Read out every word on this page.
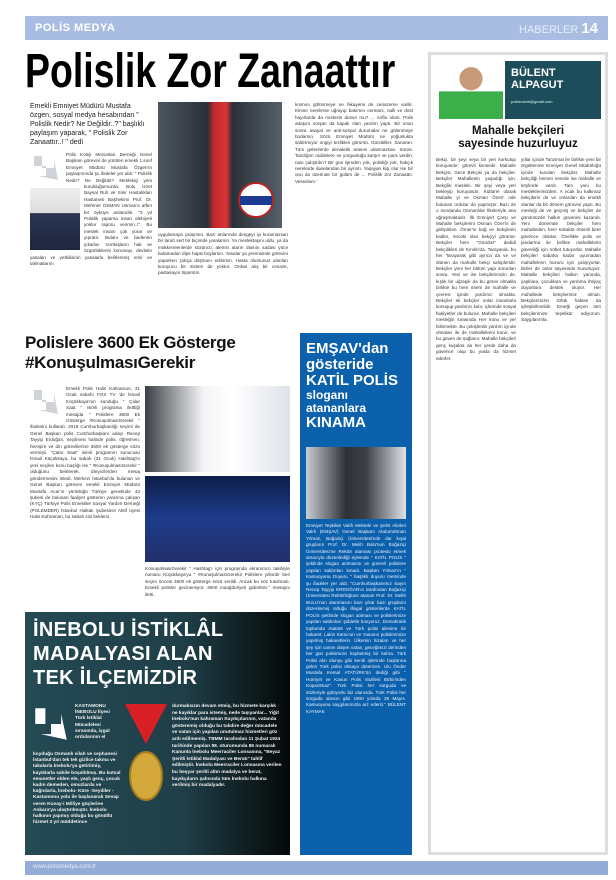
POLİS MEDYA	HABERLER 14
Polislik Zor Zanaattır
Emekli Emniyet Müdürü Mustafa özgen, sosyal medya hesabından " Polislik Nedir? Ne Değildir..?" başlıklı paylaşım yaparak, " Polislik Zor Zanaattır..! " dedi
Polis Koleji Mezunları Derneği Genel Başkanı görevini de yürüten emekli 1.sınıf Emniyet Müdürü Mustafa Özgen'in paylaşımında şu ifadeler yer aldı: " Polislik Nedir? Ne Değildir? Meslekiçi yeni kurulduğumuzda, Bolu İzzet Baysal Ruh ve Sinir Hastalıkları Hastanesi Başhekimi Prof. Dr. Mehmet OSMAN Usman'a atfen bir öyküyü anlatırdık. "3 yıl Polislik yaparsa insan altıbiyeti yoktur raporu verirsin..!". Bu meslek insanı çok yorar ve yıpratır. Bulanı ve bedenen yıkarlar. Vurttaşların hak ve özgürlüklerini korumayı, devletin yasaları ve yetkilisinin yasalarla belirlenmiş emir ve talimatlarını
uygulamaya çalışırsın. Bazı anlarında dengeyi iyi kuramazsan bir tarafı sert bir biçimde yaralarsın. Ya meslektaşını uldu, ya da mükkeneenlerde sözüncü, alemin atarın diasını sadası yüce bulamadan dipe hapsi boylarsın. Yasalar ya yerensinde görevini yaparken çokça düşmanı edinirsin. Hasta olursunuz ulanları koruyucu bir sistem de yoktur. Ordan alış bir cenaze, pastasayın tüpürsün.
kısmını gölünmeye ne hikayemi de cenazeme varilir. Kimse nerelerse uğrayıp bakımın cermani, nalli ve dost hayırlarda da mıstezis dusun mu? ... Anfla olum. Polis adaşım sorşan da kapalı olan yardım yaptı. Bir onun sonra asayal ve anti-sosyal durumalar ne gölünmeye bodarsın. Sözü Emniyet Müdürü ne yoğunlukta saldırmıyor ongiyi tezlikleri görürsü. Gücükliler. Sanaran. Tüm gelenlerde denaletik arasını ulasmazsan. Sonra. Tazdığım raddelere ve yorgunluğa karşın ve para verdin, nası çalıştıdın? Bir gün işimden yok, polisliği yok, hakçık nerelerde ilanelandan bir ayrıntı. Yaşayan kişi olur ise bir onu da üzerinde bir gülüm de ... Polislik Zor Zanaattır. Vesselam.'
Polislere 3600 Ek Gösterge
#KonuşulmasıGerekir
Emekli Polis Halis Kahraman, 31 Ocak sabahı FOX TV 'de İsmail Küçükkaya'nın sunduğu " Çalar Saat " isimli programa iletttiği mesajda " Polislere 3600 Ek Gösterge #KonuşulmasıGerekir " ifadesini kullandı. 2018 Cumhurbaşkanlığı seçimi de Genel Başkan polis Cumhurbaşkanı adayı Recep Tayyip Erdoğan, seçilmesi halinde polis, öğretmen, hemşire ve din görevlilerine 3600 ek gösterge sözü vermişti. "Çalar Saat" isimli programın sunucusu İsmail Küçükkaya, bu sabah (31 Ocak) Hashtag'in yeni seçilen konu başlığı ise " #KonuşulmasıGerekir " olduğunu belirterek, izleyicilerden mesaj göndermesini istedi. Merkezi İstanbul'da bulunan ve Genel Başkan görevini emekli Emniyet Müdürü Mustafa Acar'ın yürüttüğü Türkiye genelinde 43 şubesi de bulunan faaliyet gösteren yararına çalışan (KYÇ) Türkiye Polis Emekliler Sosyal Yardım Derneği (POLEMDER) İstanbul Halkalı Şubesinin Aktif üyesi Halis Kahraman, bu sabah sizi bekleriz.
KonuşulmasıGerekir " Hashtag'ı için programda ekranımızı takibiyle numaru Küçükkaya'ya " #KonuşulmasıGerekir Polislere yıllardır beri seçim öncesi 3600 ek gösterge sözü verildi. Ancak bu söz tutulmadı. Emekli polisler gecinemiyor. 3600 maağduriyeti giderilsin." mesajını iletti..
EMŞAV'dan
gösteride
KATİL POLİS
sloganı atananlara
KINAMA
Emniyet Teşkilatı Vakfı Mektebi ve Şehit Aileleri Vakfı (EMŞAV) Genel Başkanı Abdurrahman Yılmaz, Boğaziçi Üniversitesi'nde dar kışal grupların Prof. Dr. Melih Bulu'nun Boğaziçi Üniversitesi'ne Rektör ataması protesto etmek amacıyla düzenlediği eylemde " KATİL POLİS " şeklinde slogan atılmasını ve güvenli polislere yapılan saldırıları kınadı. Başkan Yılmaz'ın " Kamuoyuna Duyuru " başlıklı duyuru metninde şu ifadeler yer aldı: "Cumhurbaşkanımız Sayın Recep Tayyip ERDOĞAN'ın tarafından Boğaziçi Üniversitesi Rektörlüğüne atanan Prof. Dr. Melih BULU'nun atanmasını bazı çıkar bazı grupların düzenlemiş olduğu illegal gösterilerde KATİL POLİS şeklinde slogan atılması ve polislerimize yapılan saldırıları şiddetle kınıyoruz. Demokratik toplumda Atatürk ve Türk polisi ailesine bir hakaret. Lakin Kamu'un ve Yasanın polislerimize yapılmış hakaretlerin. Ülkemin hizaları ve her şey için canını düşen vatan, geceğimizi derinden her gün polisimizin kaybetmiş bir kahra. Türk Polisi alın olunşu gibi kendi işlerinde başlarına gelen Türk polisi olmaya deterizen. Ulu Önder Mustafa Kemal ATATÜRK'ün dediği gibi " Hürriyet ve Kanun Polis Vazifesi Birbirinden Koparılmaz". Türk Polisi her sorguda ve sözleriyle gülüyorlu biz alanızda. Türk Polisi her sorguda alınsın gibi 1900 yılında 28 Mayıs. Kamuoyuna saygılarımızla arz ederiz." BÜLENT KAYMAK
İNEBOLU İSTİKLÂL
MADALYASI ALAN
TEK İLÇEMİZDİR
KASTAMONU İNEBOLU İlçesi Türk İstiklal Mücadelesi sırasında, işgal ordularının el
koyduğu Osmanlı silah ve cephanesi İstanbul'dan tek tek gizlice takma ve takalarla İnebolu'ya getirilmiş, kayıklarla sahile boşaltılmış. Bu kutsal emanetler elden ele, yaşlı genç, çocuk kadın demeden, omuzlarda ve kağnılarla, İnebolu- Küre -Seydiler -Kastamonu yolu ile başlanarak Sevap veren Kuvay-i Milliye güçlerine Ankara'ya ulaştırılmıştır. İnebolu halkının yapmış olduğu bu gönüllü hizmet 3 yıl müddetince
durmaksızın devam etmiş, bu hizmete karşılık ne kayıklar para istemiş, nede taşıyanlar... Yiğit İnebolu'nun kahraman Kayıkçılarının, vatanda gösteremiş olduğu bu takdire değer mücadele ve vatan için yapılan unutulmaz hizmetleri göz ardı edilmemiş. TBMM tarafından 11 Şubat 1924 tarihinde yapılan 98. oturumunda 86 numaralı Kanunla İnebolu Meerraciler Lonsasına, "Beyaz Şeritli İstiklal Madalyası ve Beratı" tahlif edilmiştir. İnebolu Meerraciler Lonsasına verilen bu beşyar şeritli altın madalya ve berat, kayıkçıların şahsında tüm İnebolu halkına verilmiş bir madalyadır.
BÜLENT
ALPAGUT
polisbulent@gmail.com
Mahalle bekçileri
sayesinde huzurluyuz
Bekçi, bir şeyi veya bir yeri korkutup koruyandır; görevli kimsedir. Mahalle Bekçisi, Gece Bekçisi ya da bekçiler. Bekçiler Mahallenin yaşadığı için. Bekçilik mesleki. Bir şeyi veya yeri bekleyip koruyandır. Kültürel olarak Mahalle yi ve Osman Özeri' nde bulunan ordular da yapmıştır. Bazı de o sondanda Osmanlılar İlkeleriyle ana uğraşmaktadır. İlk Emniyet Çarşı ve Mahalle bekçilerini Osman Özer'in de geliştirilen. Ömer'in bağ ve bekçilerin kadim, önceki olan bekçiyi görünür. Bekçiler hem "Gündüz" dedidi bekçilikleri de Kınıklı'da. Tarayarak, bu her Tarayarak gibi ayrıca da ve ve ölünen da mahalle bekçi sahipleridir. Bekçiler yeni her bölüm yapı sorunları sonra. Yeni ve ise bekçilerimizin de, kışlık bir uğraşık da bu görev olmakla birlikte bu hem önem de mahalle ve çevresi içinde yardımcı olmakta. Bekçiler eli bekçiler onlar insanlarla konuşup yardımcı kalır, içlerinde sosyal faaliyetler de bulunur. Mahalle bekçileri mesleğin sırasında Her konu ve yer bilinmekte. Bu çekişlerde yardım içinde olmaları ile de mahallelerini korur, ve bu güven de sağlanır. Mahalle bekçileri genç kuşakta da her yerde daha da güvence olup bu yolda da hizmet ederler.
yıllar içinde Tanzimat ile birlikte yeni bir örgütlenme Emniyet Genel Müdürlüğü içinde kurulan bekçiler. Mahalle bekçiliği hemen nerede ise mahalle ve köylerde vardı. Tam yani bu mesleklerimizden. A ncak bu kalkmaz bekçilerin de ve onlardan da emekli olanlar da bir dönem görevini yaptı. Bu mesleği de ve geçmiş ve bekçiler de günümüzde halkın güvenini kazandı. Yeni dönemde bekçiler hem mahalleden, hem sokakta önemli birer güvence oldular. Özellikle polis ve jandarma ile birlikte mahallelerin güvenliği için nöbet tutuyorlar. Mahalle bekçileri sabaha kadar uyumadan mahallelerin huzuru için çalışıyorlar. Bizler de onlar sayesinde huzurluyuz. Mahalle bekçileri halkın yanında, yaşlılara, çocuklara ve yardıma ihtiyaç duyanlara destek oluyor. Her mahallede bekçilerimiz olmalı. Bekçilerimizin özlük hakları da iyileştirilmelidir. Emeği geçen tüm bekçilerimize teşekkür ediyorum. Saygılarımla.
www.polismedya.com.tr
